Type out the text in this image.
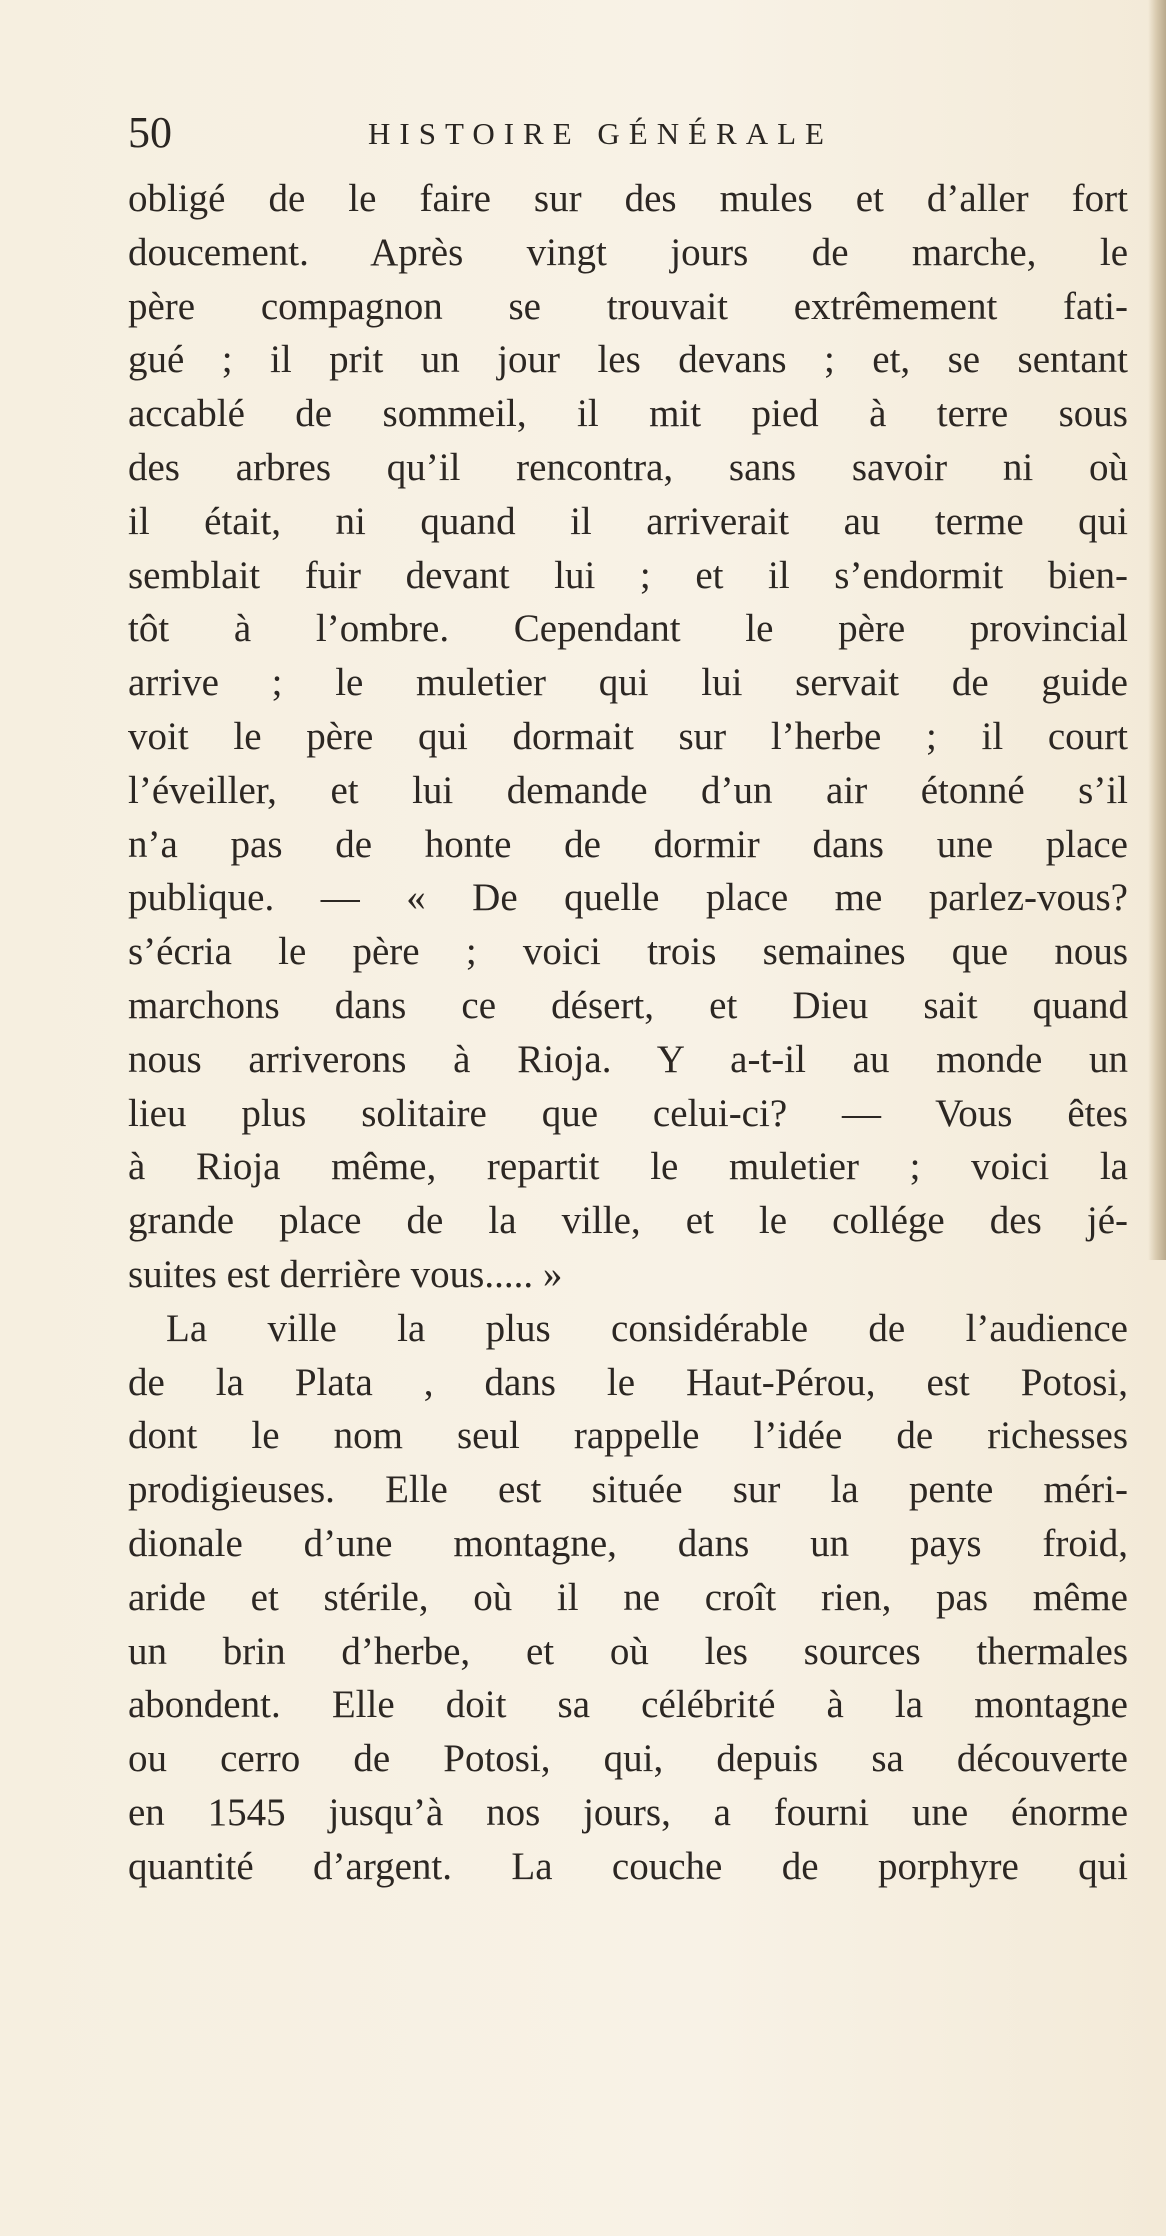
50	HISTOIRE GÉNÉRALE
obligé de le faire sur des mules et d’aller fort
doucement. Après vingt jours de marche, le
père compagnon se trouvait extrêmement fati-
gué ; il prit un jour les devans ; et, se sentant
accablé de sommeil, il mit pied à terre sous
des arbres qu’il rencontra, sans savoir ni où
il était, ni quand il arriverait au terme qui
semblait fuir devant lui ; et il s’endormit bien-
tôt à l’ombre. Cependant le père provincial
arrive ; le muletier qui lui servait de guide
voit le père qui dormait sur l’herbe ; il court
l’éveiller, et lui demande d’un air étonné s’il
n’a pas de honte de dormir dans une place
publique. — « De quelle place me parlez-vous?
s’écria le père ; voici trois semaines que nous
marchons dans ce désert, et Dieu sait quand
nous arriverons à Rioja. Y a-t-il au monde un
lieu plus solitaire que celui-ci? — Vous êtes
à Rioja même, repartit le muletier ; voici la
grande place de la ville, et le collége des jé-
suites est derrière vous..... »
La ville la plus considérable de l’audience
de la Plata , dans le Haut-Pérou, est Potosi,
dont le nom seul rappelle l’idée de richesses
prodigieuses. Elle est située sur la pente méri-
dionale d’une montagne, dans un pays froid,
aride et stérile, où il ne croît rien, pas même
un brin d’herbe, et où les sources thermales
abondent. Elle doit sa célébrité à la montagne
ou cerro de Potosi, qui, depuis sa découverte
en 1545 jusqu’à nos jours, a fourni une énorme
quantité d’argent. La couche de porphyre qui
